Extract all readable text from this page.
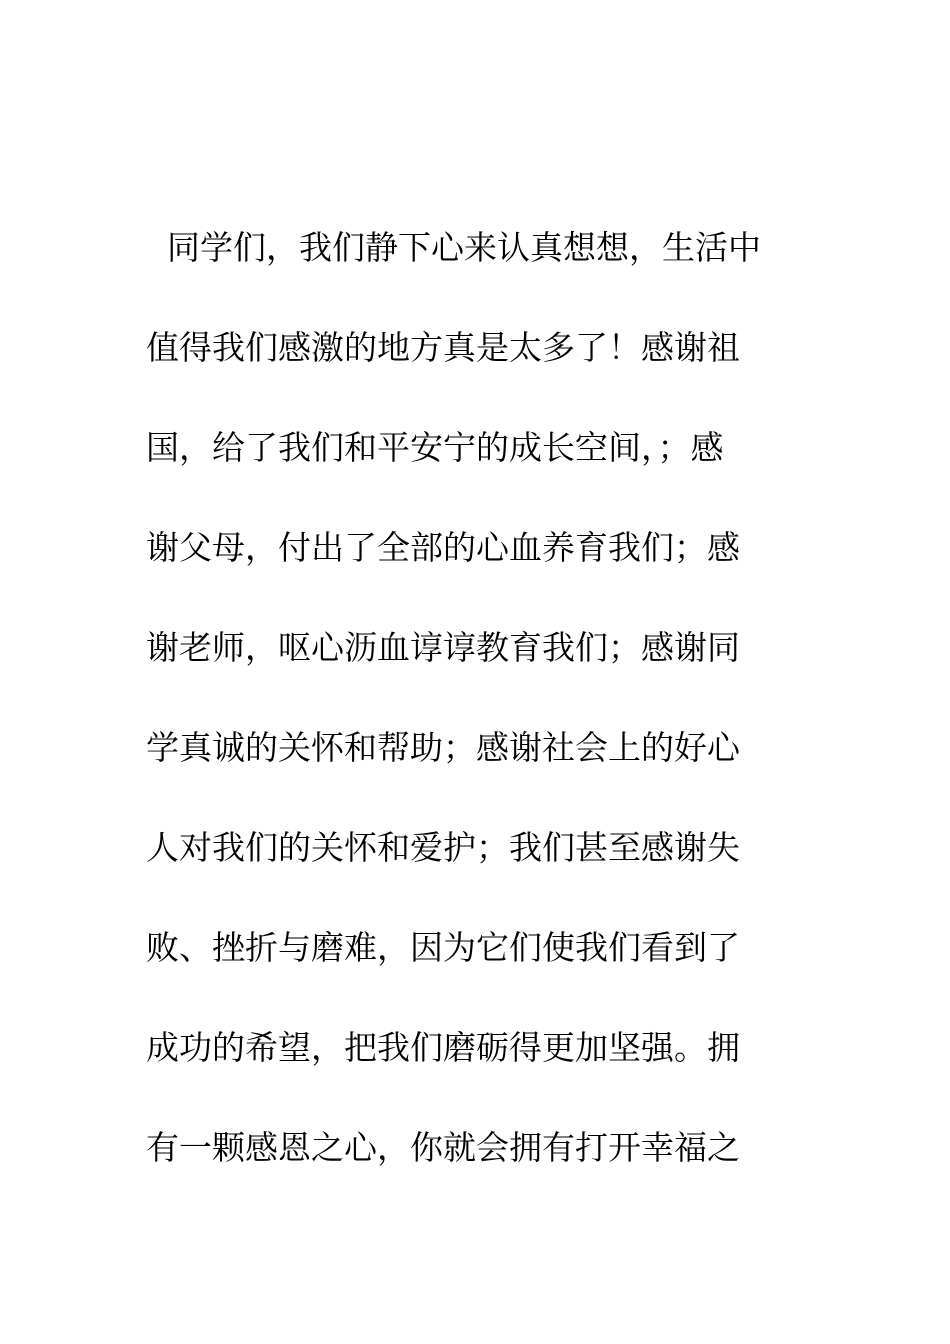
同学们，我们静下心来认真想想，生活中
值得我们感激的地方真是太多了！感谢祖
国，给了我们和平安宁的成长空间，；感
谢父母，付出了全部的心血养育我们；感
谢老师，呕心沥血谆谆教育我们；感谢同
学真诚的关怀和帮助；感谢社会上的好心
人对我们的关怀和爱护；我们甚至感谢失
败、挫折与磨难，因为它们使我们看到了
成功的希望，把我们磨砺得更加坚强。拥
有一颗感恩之心，你就会拥有打开幸福之
